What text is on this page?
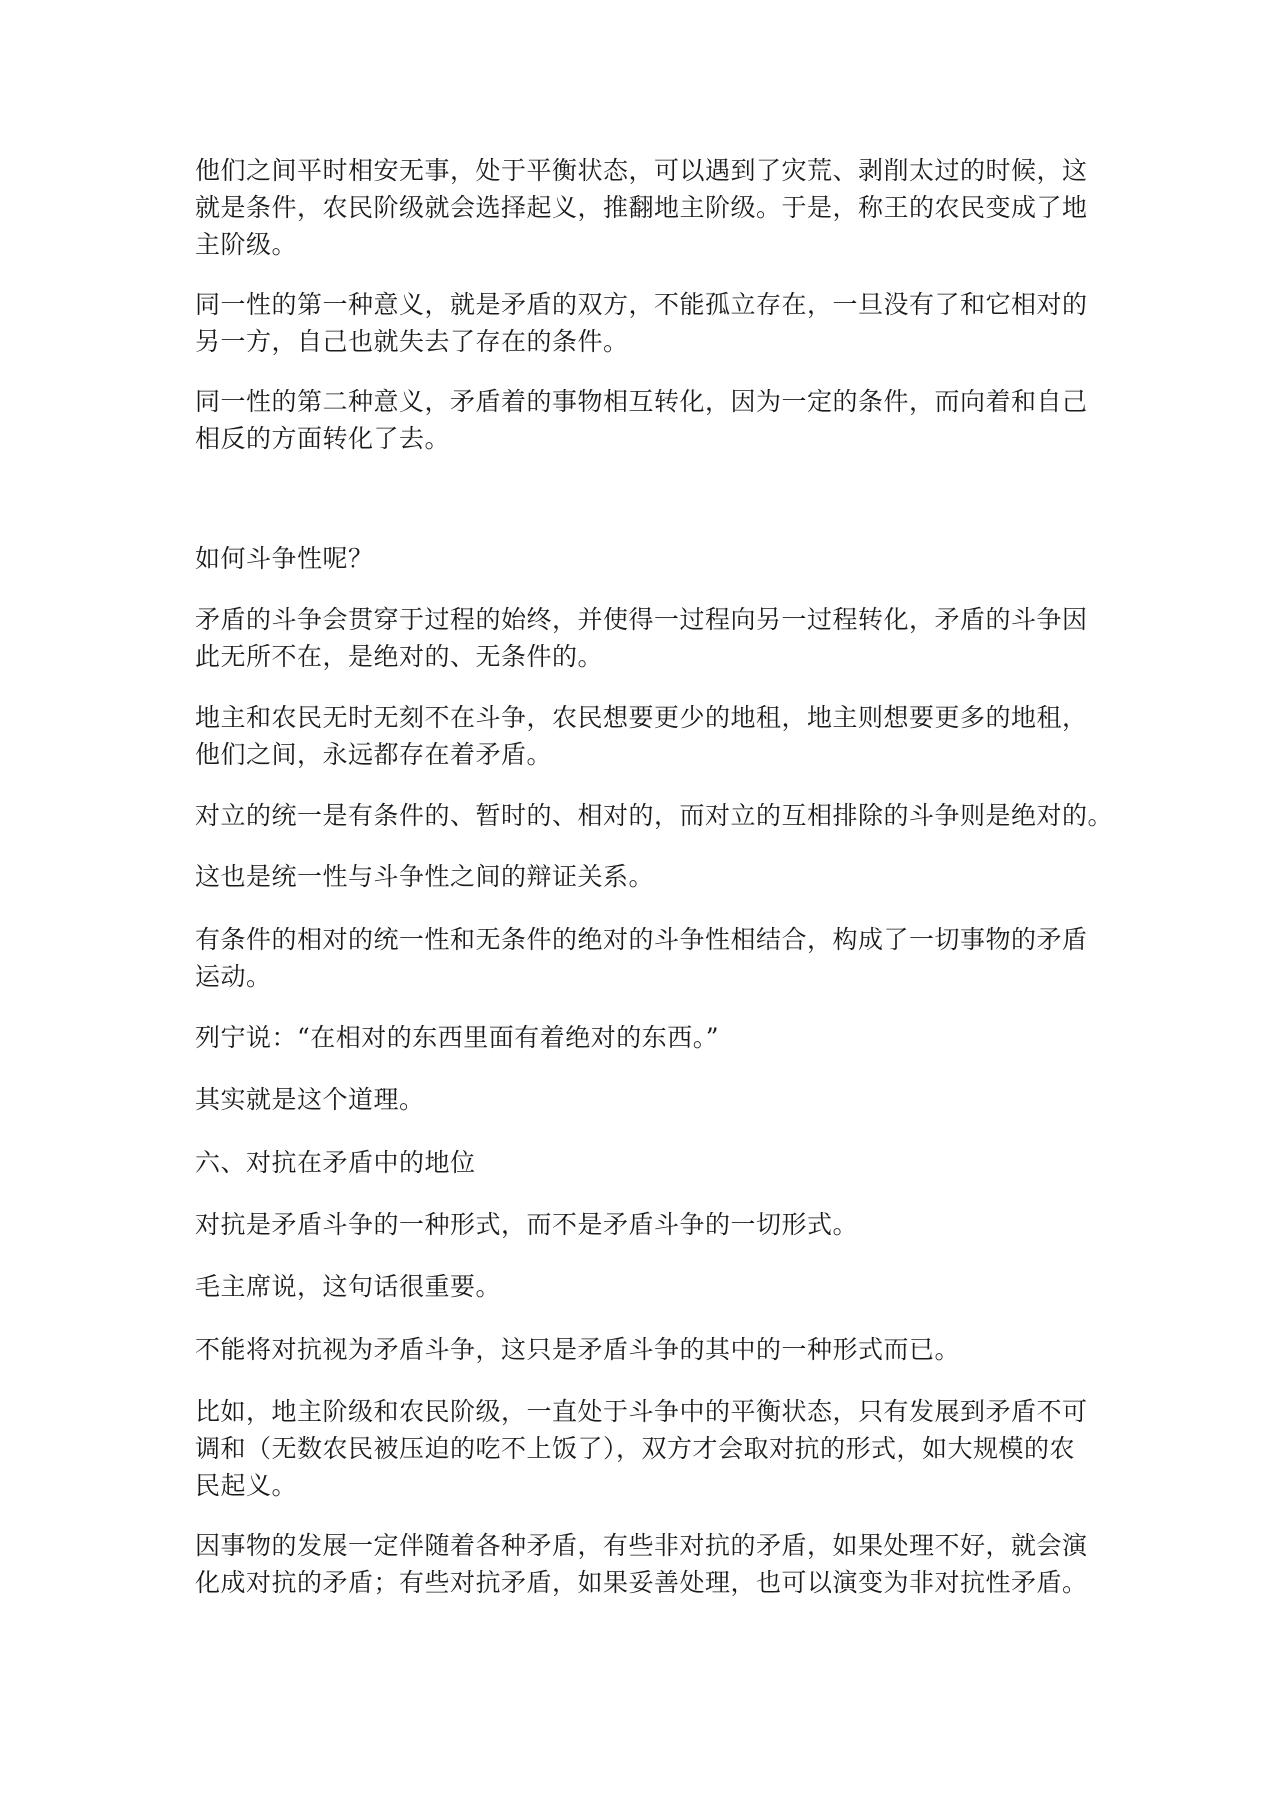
他们之间平时相安无事，处于平衡状态，可以遇到了灾荒、剥削太过的时候，这
就是条件，农民阶级就会选择起义，推翻地主阶级。于是，称王的农民变成了地
主阶级。
同一性的第一种意义，就是矛盾的双方，不能孤立存在，一旦没有了和它相对的
另一方，自己也就失去了存在的条件。
同一性的第二种意义，矛盾着的事物相互转化，因为一定的条件，而向着和自己
相反的方面转化了去。
如何斗争性呢？
矛盾的斗争会贯穿于过程的始终，并使得一过程向另一过程转化，矛盾的斗争因
此无所不在，是绝对的、无条件的。
地主和农民无时无刻不在斗争，农民想要更少的地租，地主则想要更多的地租，
他们之间，永远都存在着矛盾。
对立的统一是有条件的、暂时的、相对的，而对立的互相排除的斗争则是绝对的。
这也是统一性与斗争性之间的辩证关系。
有条件的相对的统一性和无条件的绝对的斗争性相结合，构成了一切事物的矛盾
运动。
列宁说：“在相对的东西里面有着绝对的东西。”
其实就是这个道理。
六、对抗在矛盾中的地位
对抗是矛盾斗争的一种形式，而不是矛盾斗争的一切形式。
毛主席说，这句话很重要。
不能将对抗视为矛盾斗争，这只是矛盾斗争的其中的一种形式而已。
比如，地主阶级和农民阶级，一直处于斗争中的平衡状态，只有发展到矛盾不可
调和（无数农民被压迫的吃不上饭了），双方才会取对抗的形式，如大规模的农
民起义。
因事物的发展一定伴随着各种矛盾，有些非对抗的矛盾，如果处理不好，就会演
化成对抗的矛盾；有些对抗矛盾，如果妥善处理，也可以演变为非对抗性矛盾。
